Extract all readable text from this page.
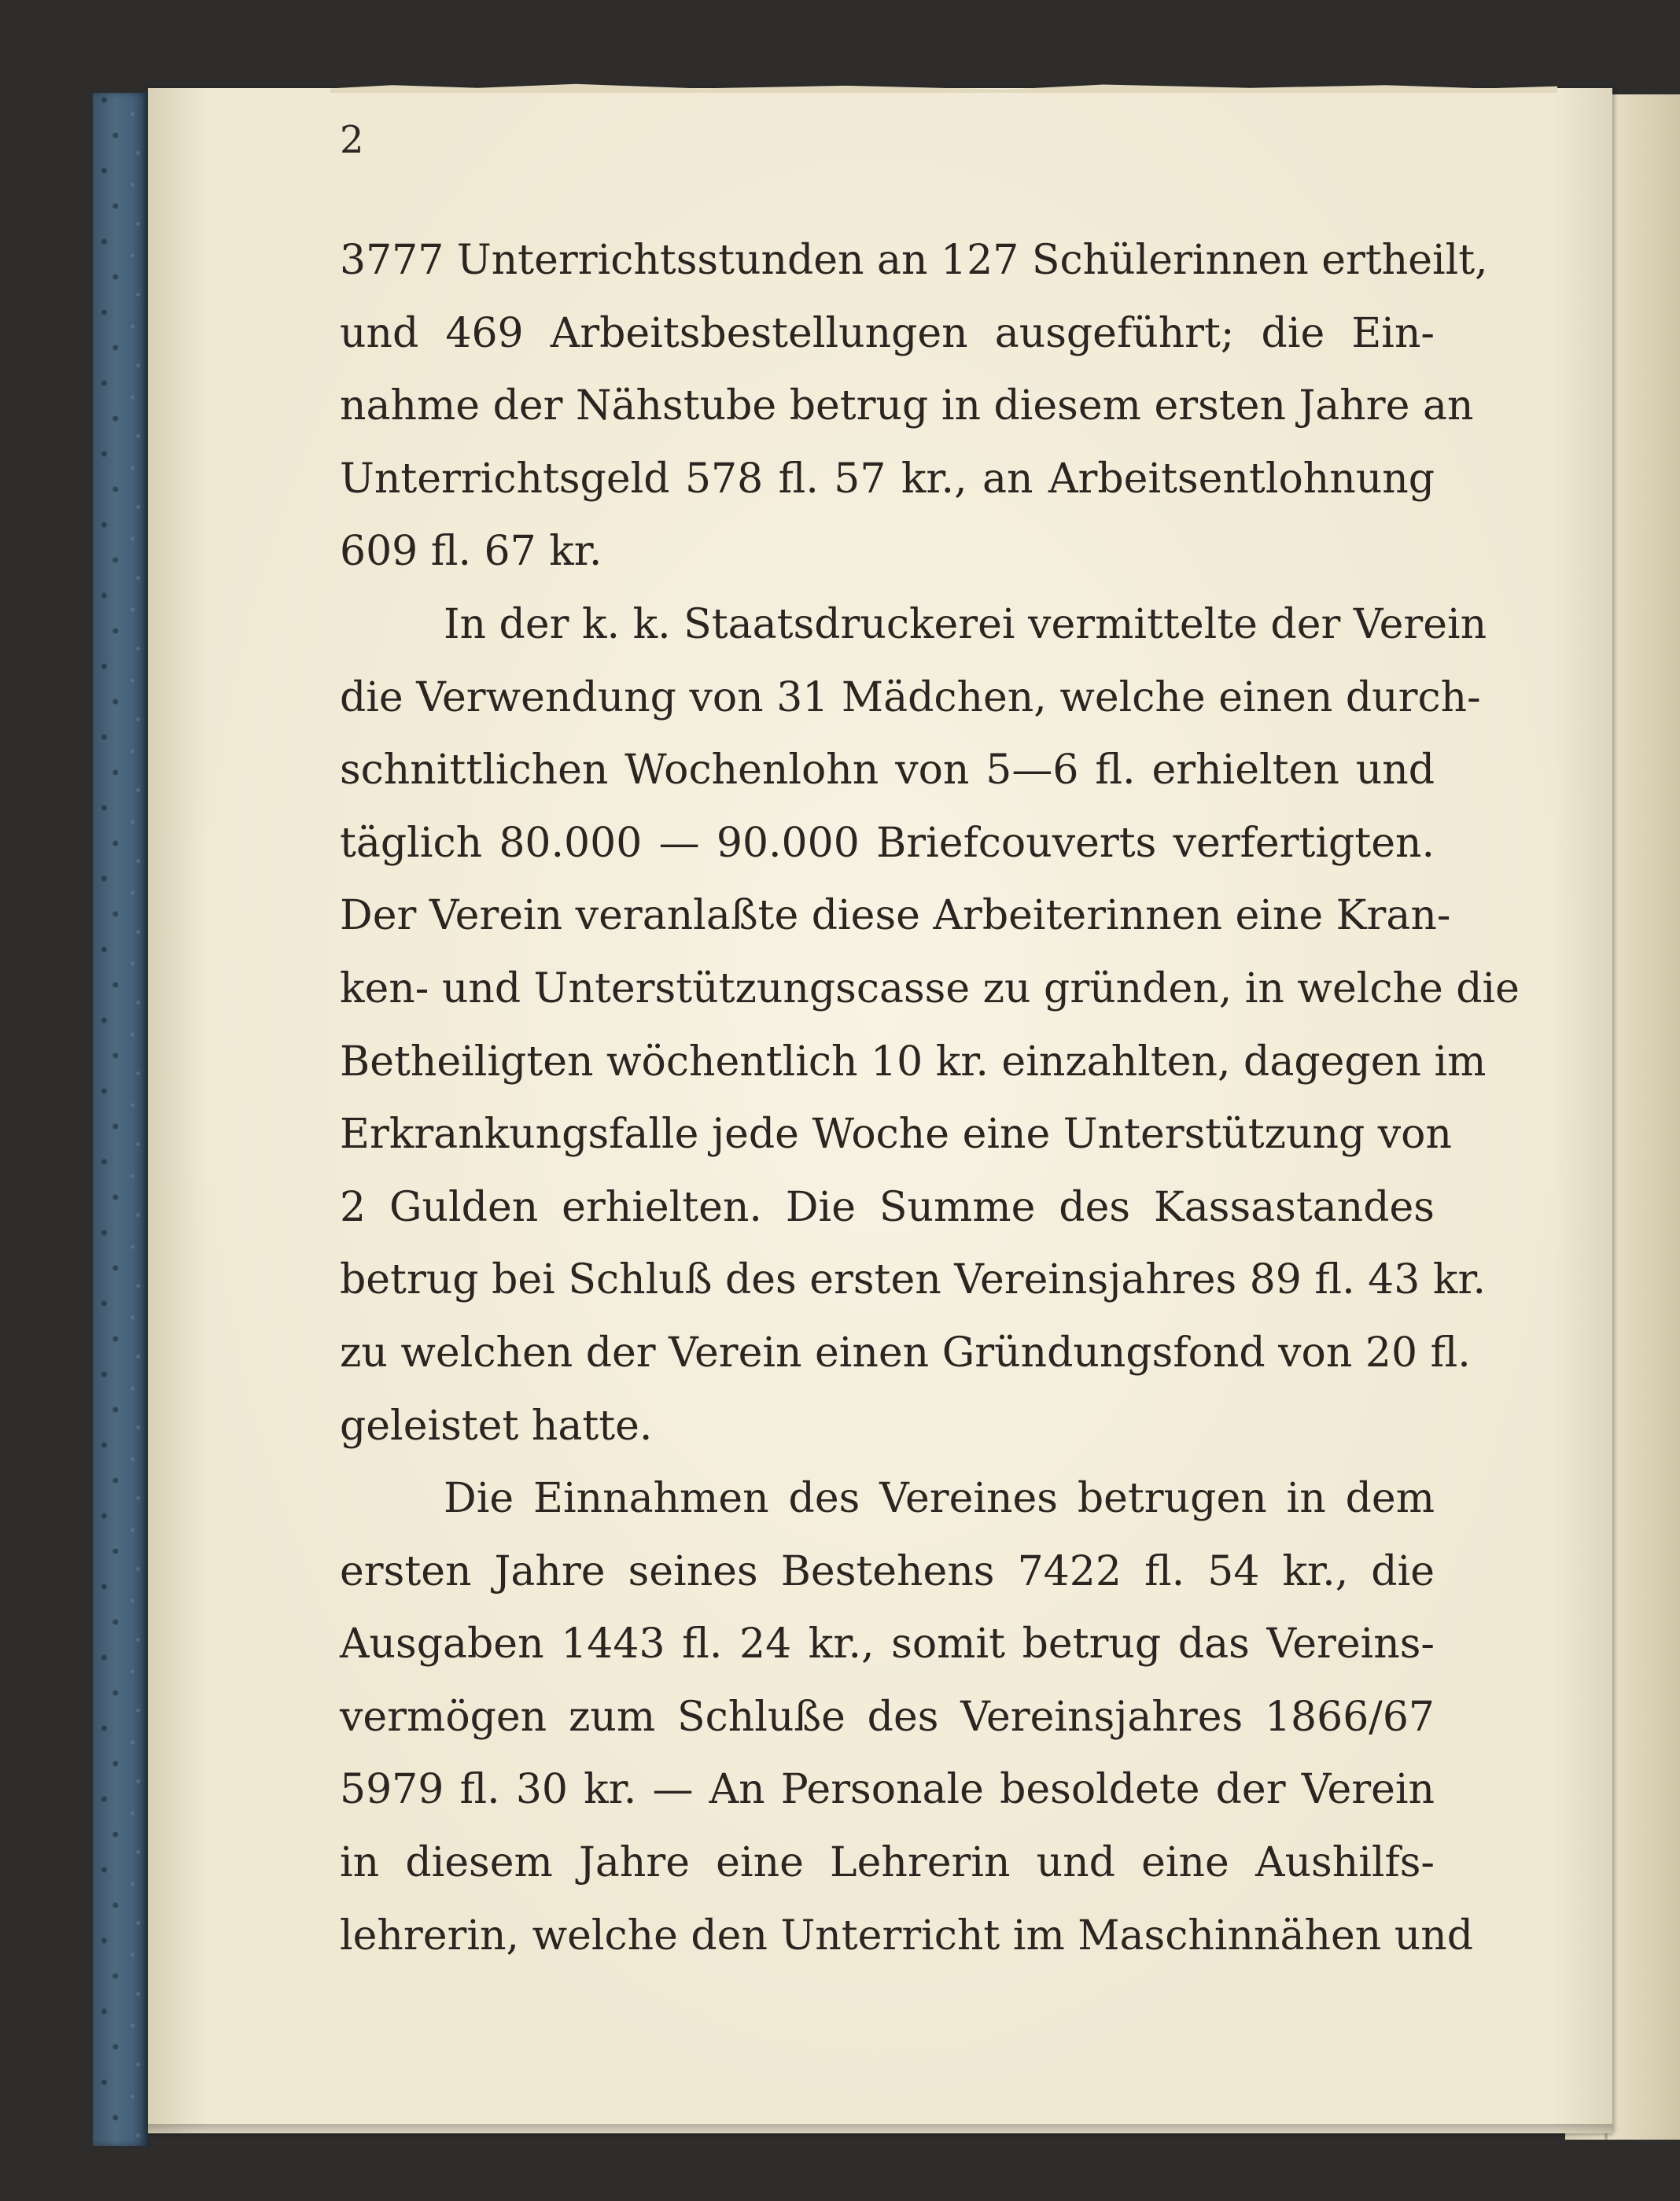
2
3777 Unterrichtsstunden an 127 Schülerinnen ertheilt,
und 469 Arbeitsbestellungen ausgeführt; die Ein-
nahme der Nähstube betrug in diesem ersten Jahre an
Unterrichtsgeld 578 fl. 57 kr., an Arbeitsentlohnung
609 fl. 67 kr.
In der k. k. Staatsdruckerei vermittelte der Verein
die Verwendung von 31 Mädchen, welche einen durch-
schnittlichen Wochenlohn von 5—6 fl. erhielten und
täglich 80.000 — 90.000 Briefcouverts verfertigten.
Der Verein veranlaßte diese Arbeiterinnen eine Kran-
ken- und Unterstützungscasse zu gründen, in welche die
Betheiligten wöchentlich 10 kr. einzahlten, dagegen im
Erkrankungsfalle jede Woche eine Unterstützung von
2 Gulden erhielten. Die Summe des Kassastandes
betrug bei Schluß des ersten Vereinsjahres 89 fl. 43 kr.
zu welchen der Verein einen Gründungsfond von 20 fl.
geleistet hatte.
Die Einnahmen des Vereines betrugen in dem
ersten Jahre seines Bestehens 7422 fl. 54 kr., die
Ausgaben 1443 fl. 24 kr., somit betrug das Vereins-
vermögen zum Schluße des Vereinsjahres 1866/67
5979 fl. 30 kr. — An Personale besoldete der Verein
in diesem Jahre eine Lehrerin und eine Aushilfs-
lehrerin, welche den Unterricht im Maschinnähen und
